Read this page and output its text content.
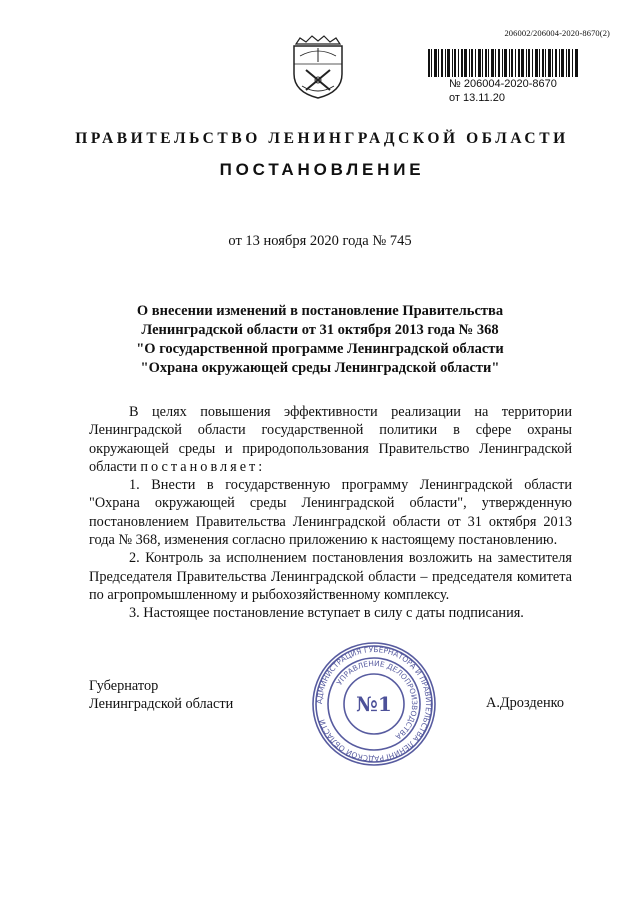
206002/206004-2020-8670(2)
№ 206004-2020-8670
от 13.11.20
ПРАВИТЕЛЬСТВО ЛЕНИНГРАДСКОЙ ОБЛАСТИ
ПОСТАНОВЛЕНИЕ
от 13 ноября 2020 года № 745
О внесении изменений в постановление Правительства
Ленинградской области от 31 октября 2013 года № 368
"О государственной программе Ленинградской области
"Охрана окружающей среды Ленинградской области"

В целях повышения эффективности реализации на территории Ленинградской области государственной политики в сфере охраны окружающей среды и природопользования Правительство Ленинградской области постановляет:

1. Внести в государственную программу Ленинградской области "Охрана окружающей среды Ленинградской области", утвержденную постановлением Правительства Ленинградской области от 31 октября 2013 года № 368, изменения согласно приложению к настоящему постановлению.

2. Контроль за исполнением постановления возложить на заместителя Председателя Правительства Ленинградской области – председателя комитета по агропромышленному и рыбохозяйственному комплексу.

3. Настоящее постановление вступает в силу с даты подписания.

Губернатор
Ленинградской области	А.Дрозденко
АДМИНИСТРАЦИЯ ГУБЕРНАТОРА И ПРАВИТЕЛЬСТВА ЛЕНИНГРАДСКОЙ ОБЛАСТИ
УПРАВЛЕНИЕ ДЕЛОПРОИЗВОДСТВА
№1
